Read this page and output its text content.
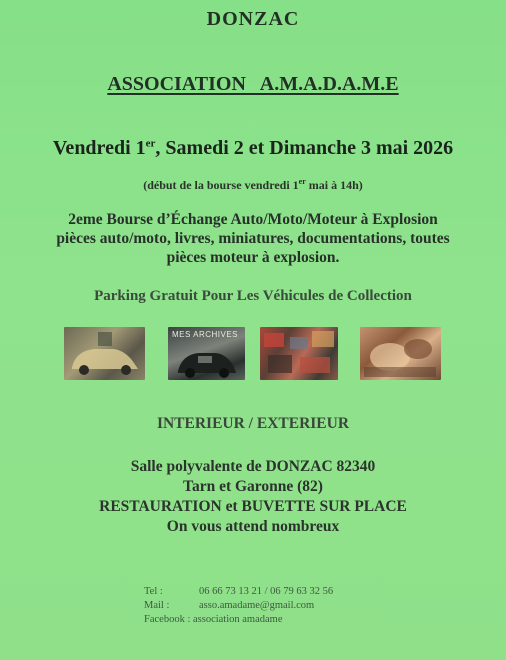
DONZAC
ASSOCIATION   A.M.A.D.A.M.E
Vendredi 1er, Samedi 2 et Dimanche 3 mai 2026
(début de la bourse vendredi 1er mai à 14h)
2eme Bourse d’Échange Auto/Moto/Moteur à Explosion
pièces auto/moto, livres, miniatures, documentations, toutes
pièces moteur à explosion.
Parking Gratuit Pour Les Véhicules de Collection
MES ARCHIVES
INTERIEUR / EXTERIEUR
Salle polyvalente de DONZAC 82340
Tarn et Garonne (82)
RESTAURATION et BUVETTE SUR PLACE
On vous attend nombreux
Tel :	06 66 73 13 21 / 06 79 63 32 56
Mail :	asso.amadame@gmail.com
Facebook : association amadame
